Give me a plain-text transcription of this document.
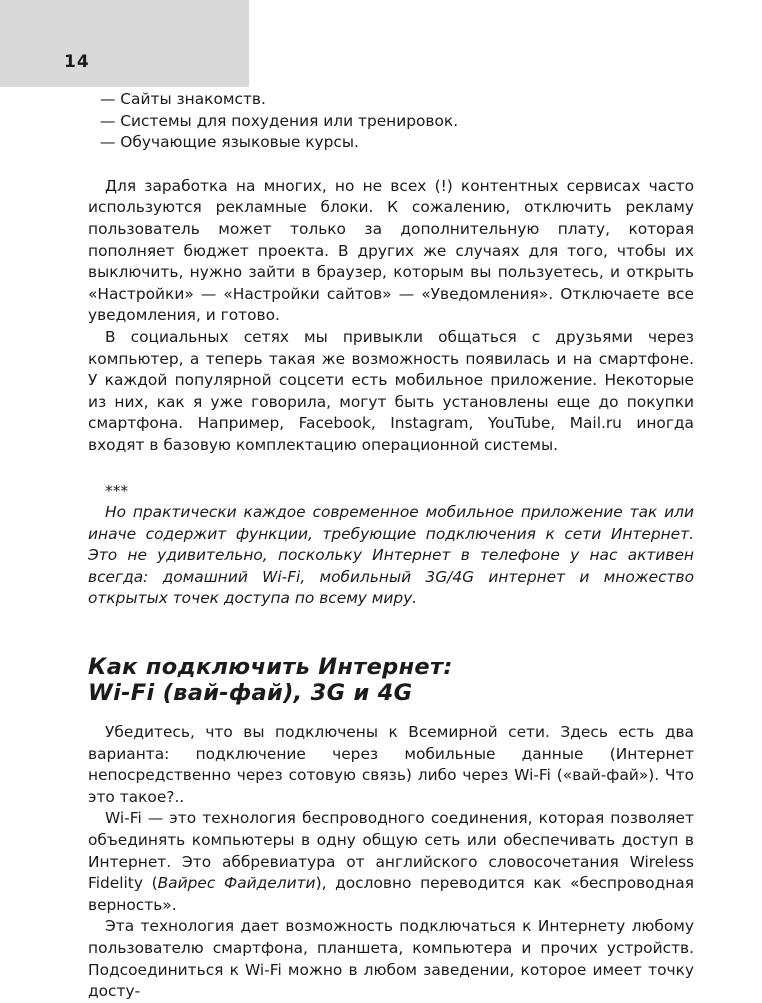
14
— Сайты знакомств.
— Системы для похудения или тренировок.
— Обучающие языковые курсы.

Для заработка на многих, но не всех (!) контентных сервисах часто используются рекламные блоки. К сожалению, отключить рекламу пользователь может только за дополнительную плату, которая пополняет бюджет проекта. В других же случаях для того, чтобы их выключить, нужно зайти в браузер, которым вы пользуетесь, и открыть «Настройки» — «Настройки сайтов» — «Уведомления». Отключаете все уведомления, и готово.

В социальных сетях мы привыкли общаться с друзьями через компьютер, а теперь такая же возможность появилась и на смартфоне. У каждой популярной соцсети есть мобильное приложение. Некоторые из них, как я уже говорила, могут быть установлены еще до покупки смартфона. Например, Facebook, Instagram, YouTube, Mail.ru иногда входят в базовую комплектацию операционной системы.

***

Но практически каждое современное мобильное приложение так или иначе содержит функции, требующие подключения к сети Интернет. Это не удивительно, поскольку Интернет в телефоне у нас активен всегда: домашний Wi-Fi, мобильный 3G/4G интернет и множество открытых точек доступа по всему миру.

Как подключить Интернет:
Wi-Fi (вай-фай), 3G и 4G

Убедитесь, что вы подключены к Всемирной сети. Здесь есть два варианта: подключение через мобильные данные (Интернет непосредственно через сотовую связь) либо через Wi-Fi («вай-фай»). Что это такое?..

Wi-Fi — это технология беспроводного соединения, которая позволяет объединять компьютеры в одну общую сеть или обеспечивать доступ в Интернет. Это аббревиатура от английского словосочетания Wireless Fidelity (Вайрес Файделити), дословно переводится как «беспроводная верность».

Эта технология дает возможность подключаться к Интернету любому пользователю смартфона, планшета, компьютера и прочих устройств. Подсоединиться к Wi-Fi можно в любом заведении, которое имеет точку досту-
